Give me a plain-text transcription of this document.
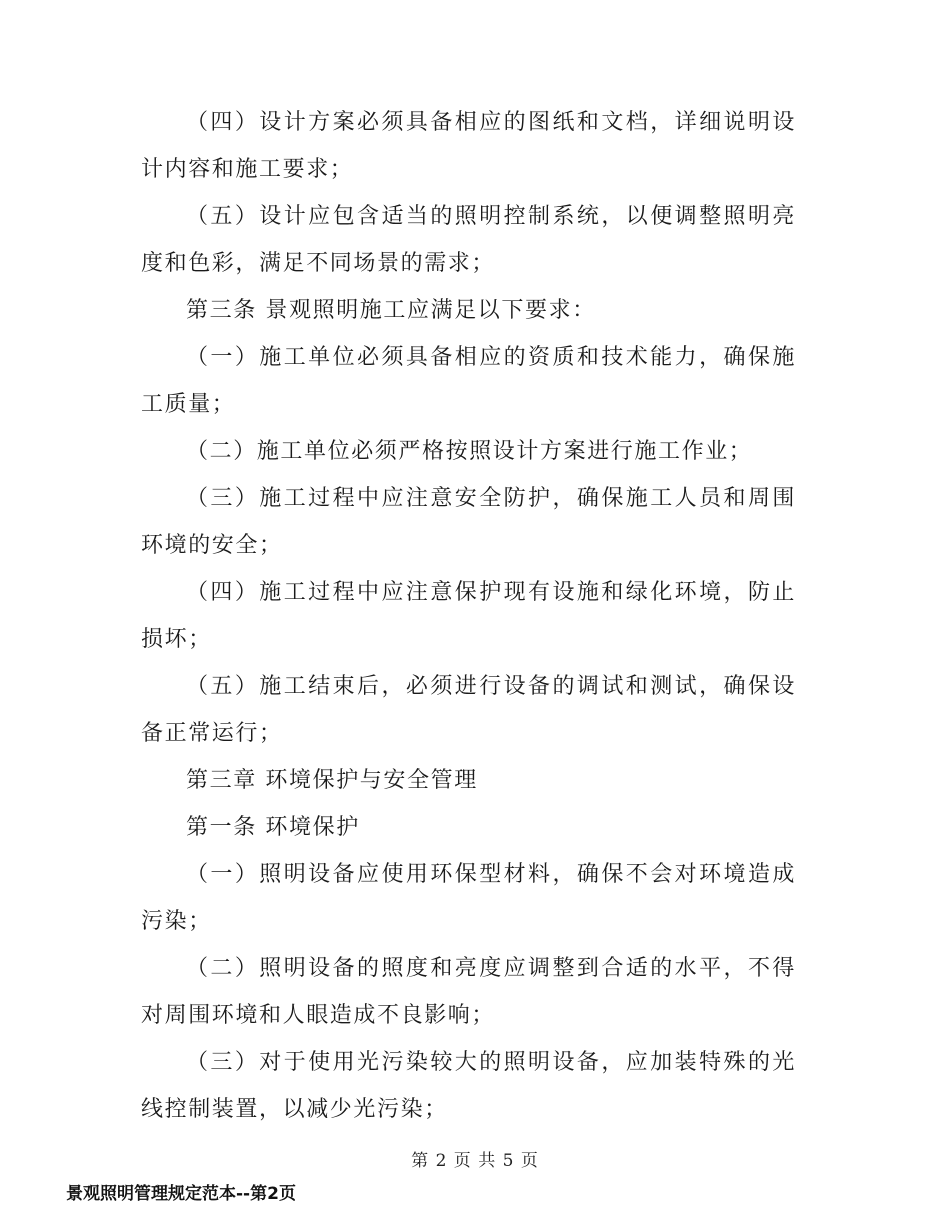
（四）设计方案必须具备相应的图纸和文档，详细说明设计内容和施工要求；

（五）设计应包含适当的照明控制系统，以便调整照明亮度和色彩，满足不同场景的需求；

第三条 景观照明施工应满足以下要求：

（一）施工单位必须具备相应的资质和技术能力，确保施工质量；

（二）施工单位必须严格按照设计方案进行施工作业；

（三）施工过程中应注意安全防护，确保施工人员和周围环境的安全；

（四）施工过程中应注意保护现有设施和绿化环境，防止损坏；

（五）施工结束后，必须进行设备的调试和测试，确保设备正常运行；

第三章 环境保护与安全管理

第一条 环境保护

（一）照明设备应使用环保型材料，确保不会对环境造成污染；

（二）照明设备的照度和亮度应调整到合适的水平，不得对周围环境和人眼造成不良影响；

（三）对于使用光污染较大的照明设备，应加装特殊的光线控制装置，以减少光污染；

第 2 页 共 5 页
景观照明管理规定范本--第2页
